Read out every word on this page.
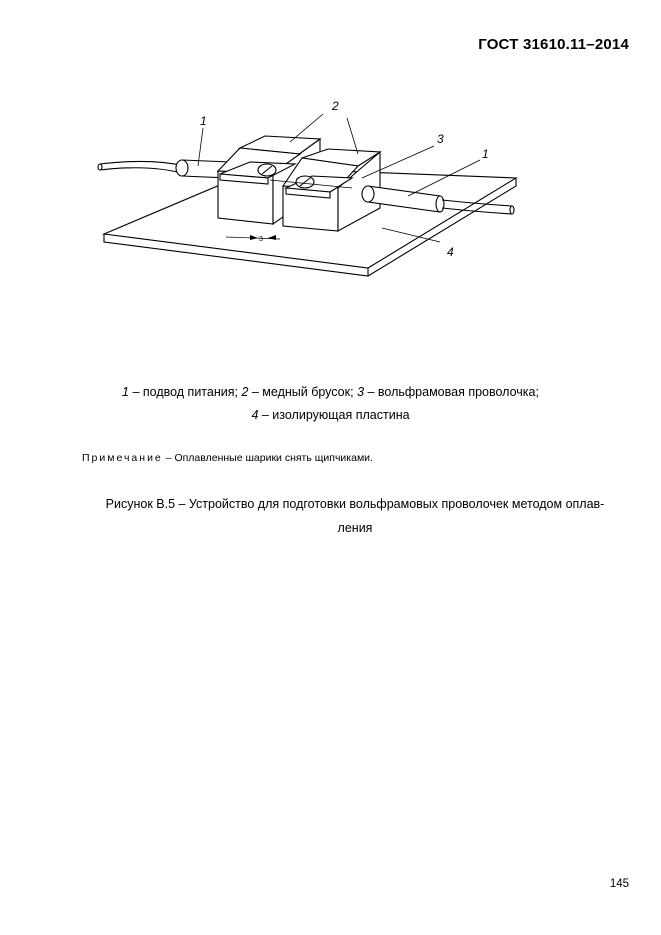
ГОСТ 31610.11–2014
1
2
3
1
4
3
1 – подвод питания; 2 – медный брусок; 3 – вольфрамовая проволочка;
4 – изолирующая пластина
Примечание – Оплавленные шарики снять щипчиками.
Рисунок В.5 – Устройство для подготовки вольфрамовых проволочек методом оплав-
ления
145
